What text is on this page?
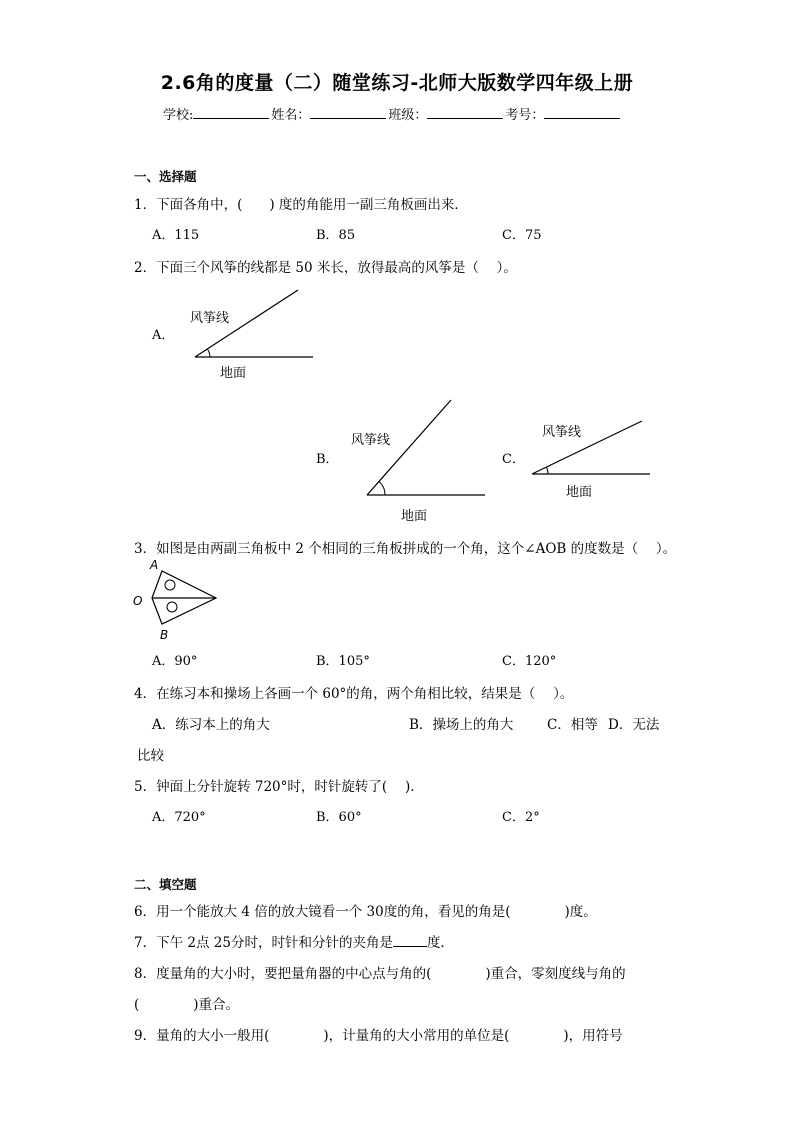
2.6角的度量（二）随堂练习-北师大版数学四年级上册
学校:	姓名：	班级：	考号：
一、选择题
1．下面各角中，(　　) 度的角能用一副三角板画出来．
A．115	B．85	C．75
2．下面三个风筝的线都是 50 米长，放得最高的风筝是（　 ）。
A．
B．	C．
风筝线
地面
风筝线
地面
风筝线
地面
3．如图是由两副三角板中 2 个相同的三角板拼成的一个角，这个∠AOB 的度数是（　 ）。
A
O
B
A．90°	B．105°	C．120°
4．在练习本和操场上各画一个 60°的角，两个角相比较，结果是（　 ）。
A．练习本上的角大	B．操场上的角大 C．相等 D．无法
比较
5．钟面上分针旋转 720°时，时针旋转了(　 )．
A．720°	B．60°	C．2°
二、填空题
6．用一个能放大 4 倍的放大镜看一个 30度的角，看见的角是(　　　　)度。
7．下午 2点 25分时，时针和分针的夹角是	度．
8．度量角的大小时，要把量角器的中心点与角的(　　　　)重合，零刻度线与角的
(　　　　)重合。
9．量角的大小一般用(　　　　)，计量角的大小常用的单位是(　　　　)，用符号
